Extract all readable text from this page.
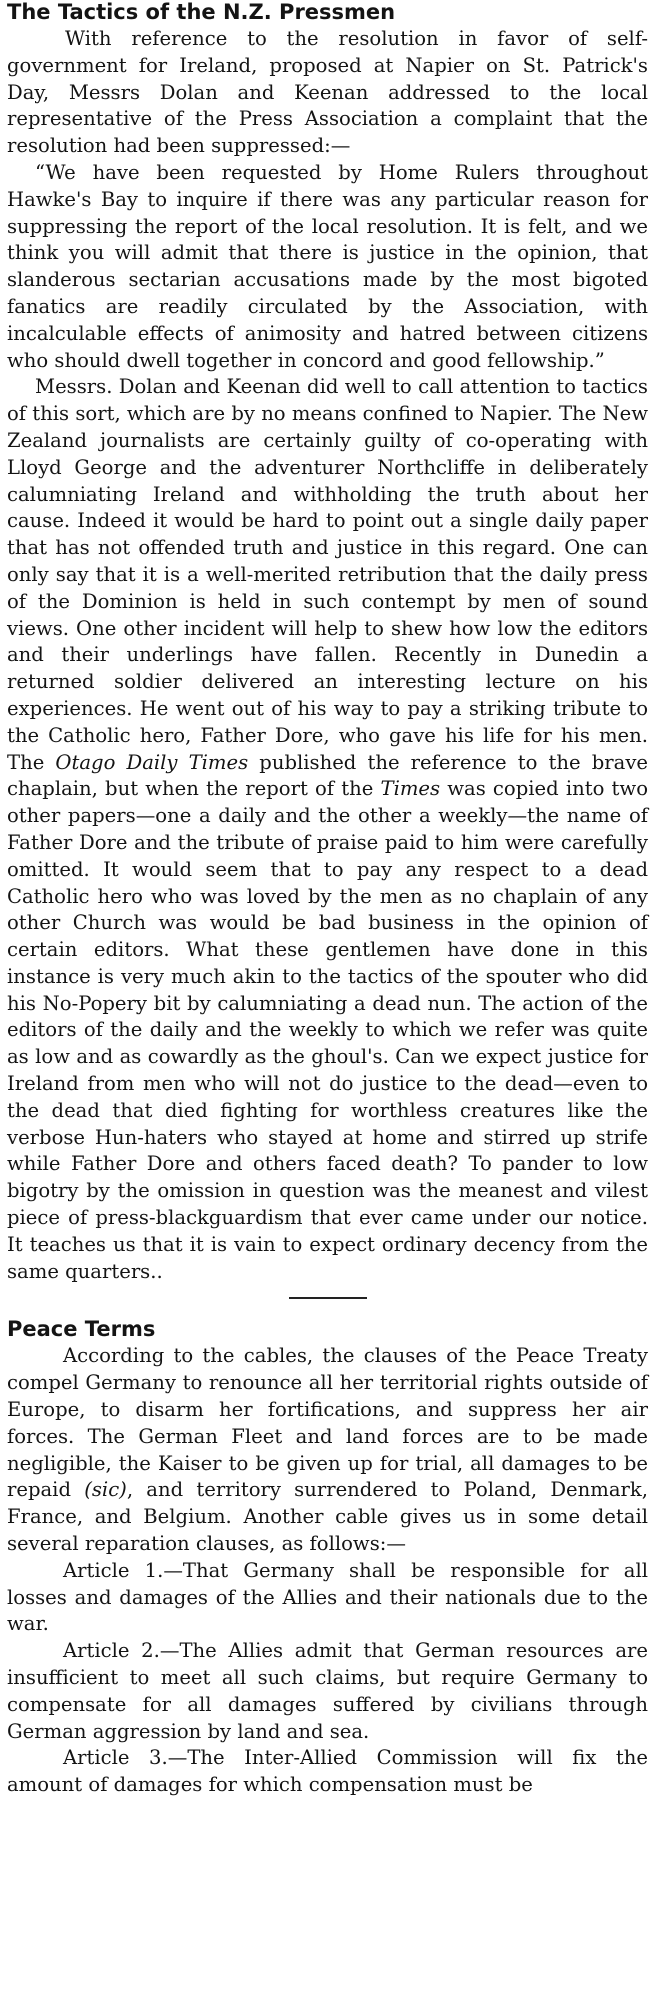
The Tactics of the N.Z. Pressmen

With reference to the resolution in favor of self-government for Ireland, proposed at Napier on St. Patrick's Day, Messrs Dolan and Keenan addressed to the local representative of the Press Association a complaint that the resolution had been suppressed:—

“We have been requested by Home Rulers throughout Hawke's Bay to inquire if there was any particular reason for suppressing the report of the local resolution. It is felt, and we think you will admit that there is justice in the opinion, that slanderous sectarian accusations made by the most bigoted fanatics are readily circulated by the Association, with incalculable effects of animosity and hatred between citizens who should dwell together in concord and good fellowship.”

Messrs. Dolan and Keenan did well to call attention to tactics of this sort, which are by no means confined to Napier. The New Zealand journalists are certainly guilty of co-operating with Lloyd George and the adventurer Northcliffe in deliberately calumniating Ireland and withholding the truth about her cause. Indeed it would be hard to point out a single daily paper that has not offended truth and justice in this regard. One can only say that it is a well-merited retribution that the daily press of the Dominion is held in such contempt by men of sound views. One other incident will help to shew how low the editors and their underlings have fallen. Recently in Dunedin a returned soldier delivered an interesting lecture on his experiences. He went out of his way to pay a striking tribute to the Catholic hero, Father Dore, who gave his life for his men. The Otago Daily Times published the reference to the brave chaplain, but when the report of the Times was copied into two other papers—one a daily and the other a weekly—the name of Father Dore and the tribute of praise paid to him were carefully omitted. It would seem that to pay any respect to a dead Catholic hero who was loved by the men as no chaplain of any other Church was would be bad business in the opinion of certain editors. What these gentlemen have done in this instance is very much akin to the tactics of the spouter who did his No-Popery bit by calumniating a dead nun. The action of the editors of the daily and the weekly to which we refer was quite as low and as cowardly as the ghoul's. Can we expect justice for Ireland from men who will not do justice to the dead—even to the dead that died fighting for worthless creatures like the verbose Hun-haters who stayed at home and stirred up strife while Father Dore and others faced death? To pander to low bigotry by the omission in question was the meanest and vilest piece of press-blackguardism that ever came under our notice. It teaches us that it is vain to expect ordinary decency from the same quarters..

Peace Terms

According to the cables, the clauses of the Peace Treaty compel Germany to renounce all her territorial rights outside of Europe, to disarm her fortifications, and suppress her air forces. The German Fleet and land forces are to be made negligible, the Kaiser to be given up for trial, all damages to be repaid (sic), and territory surrendered to Poland, Denmark, France, and Belgium. Another cable gives us in some detail several reparation clauses, as follows:—

Article 1.—That Germany shall be responsible for all losses and damages of the Allies and their nationals due to the war.

Article 2.—The Allies admit that German resources are insufficient to meet all such claims, but require Germany to compensate for all damages suffered by civilians through German aggression by land and sea.

Article 3.—The Inter-Allied Commission will fix the amount of damages for which compensation must be
